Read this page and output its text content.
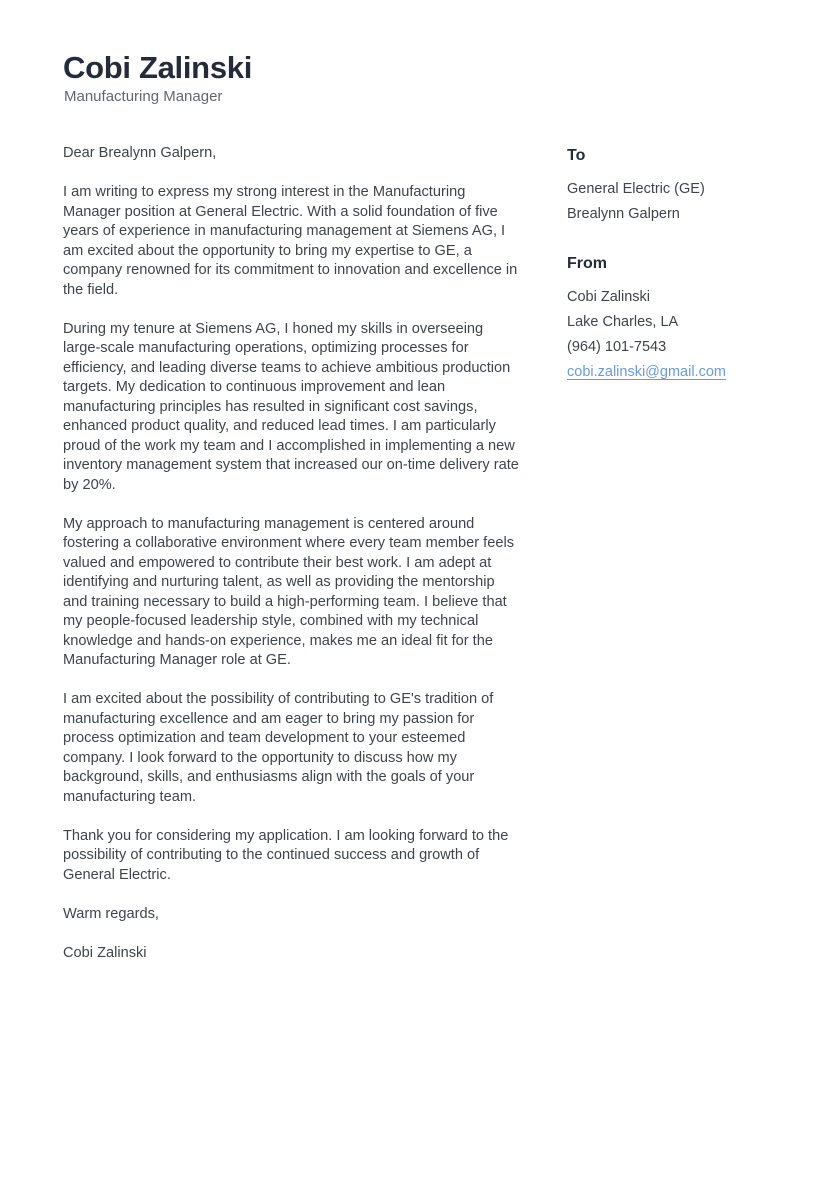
Cobi Zalinski
Manufacturing Manager

Dear Brealynn Galpern,

I am writing to express my strong interest in the Manufacturing Manager position at General Electric. With a solid foundation of five years of experience in manufacturing management at Siemens AG, I am excited about the opportunity to bring my expertise to GE, a company renowned for its commitment to innovation and excellence in the field.

During my tenure at Siemens AG, I honed my skills in overseeing large-scale manufacturing operations, optimizing processes for efficiency, and leading diverse teams to achieve ambitious production targets. My dedication to continuous improvement and lean manufacturing principles has resulted in significant cost savings, enhanced product quality, and reduced lead times. I am particularly proud of the work my team and I accomplished in implementing a new inventory management system that increased our on-time delivery rate by 20%.

My approach to manufacturing management is centered around fostering a collaborative environment where every team member feels valued and empowered to contribute their best work. I am adept at identifying and nurturing talent, as well as providing the mentorship and training necessary to build a high-performing team. I believe that my people-focused leadership style, combined with my technical knowledge and hands-on experience, makes me an ideal fit for the Manufacturing Manager role at GE.

I am excited about the possibility of contributing to GE's tradition of manufacturing excellence and am eager to bring my passion for process optimization and team development to your esteemed company. I look forward to the opportunity to discuss how my background, skills, and enthusiasms align with the goals of your manufacturing team.

Thank you for considering my application. I am looking forward to the possibility of contributing to the continued success and growth of General Electric.

Warm regards,

Cobi Zalinski

To
General Electric (GE)
Brealynn Galpern
From
Cobi Zalinski
Lake Charles, LA
(964) 101-7543
cobi.zalinski@gmail.com
